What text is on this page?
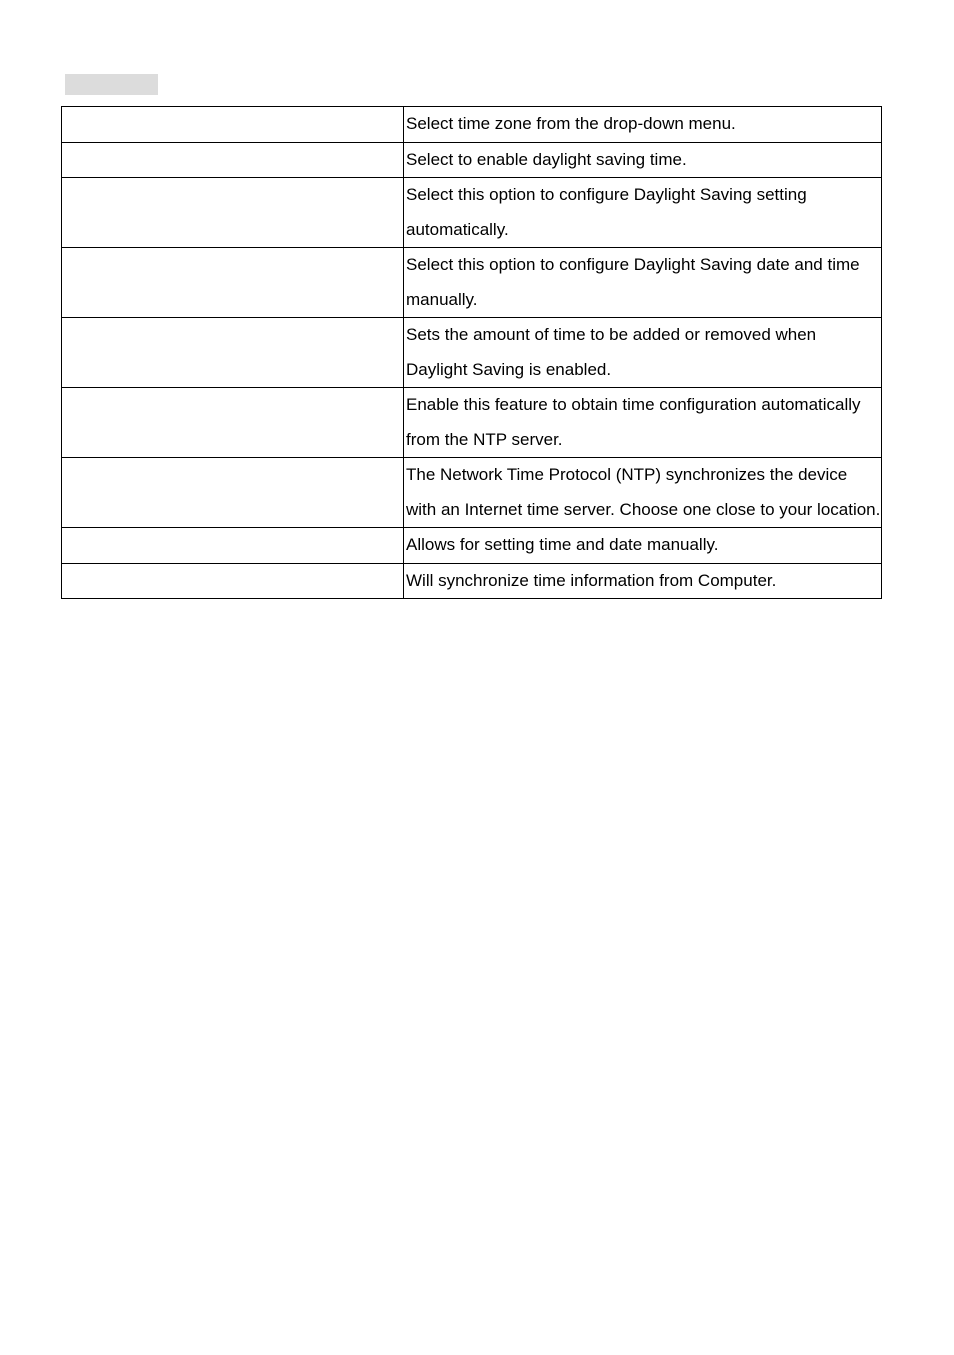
	Select time zone from the drop-down menu.
	Select to enable daylight saving time.
	Select this option to configure Daylight Saving setting automatically.
	Select this option to configure Daylight Saving date and time manually.
	Sets the amount of time to be added or removed when Daylight Saving is enabled.
	Enable this feature to obtain time configuration automatically from the NTP server.
	The Network Time Protocol (NTP) synchronizes the device with an Internet time server. Choose one close to your location.
	Allows for setting time and date manually.
	Will synchronize time information from Computer.
